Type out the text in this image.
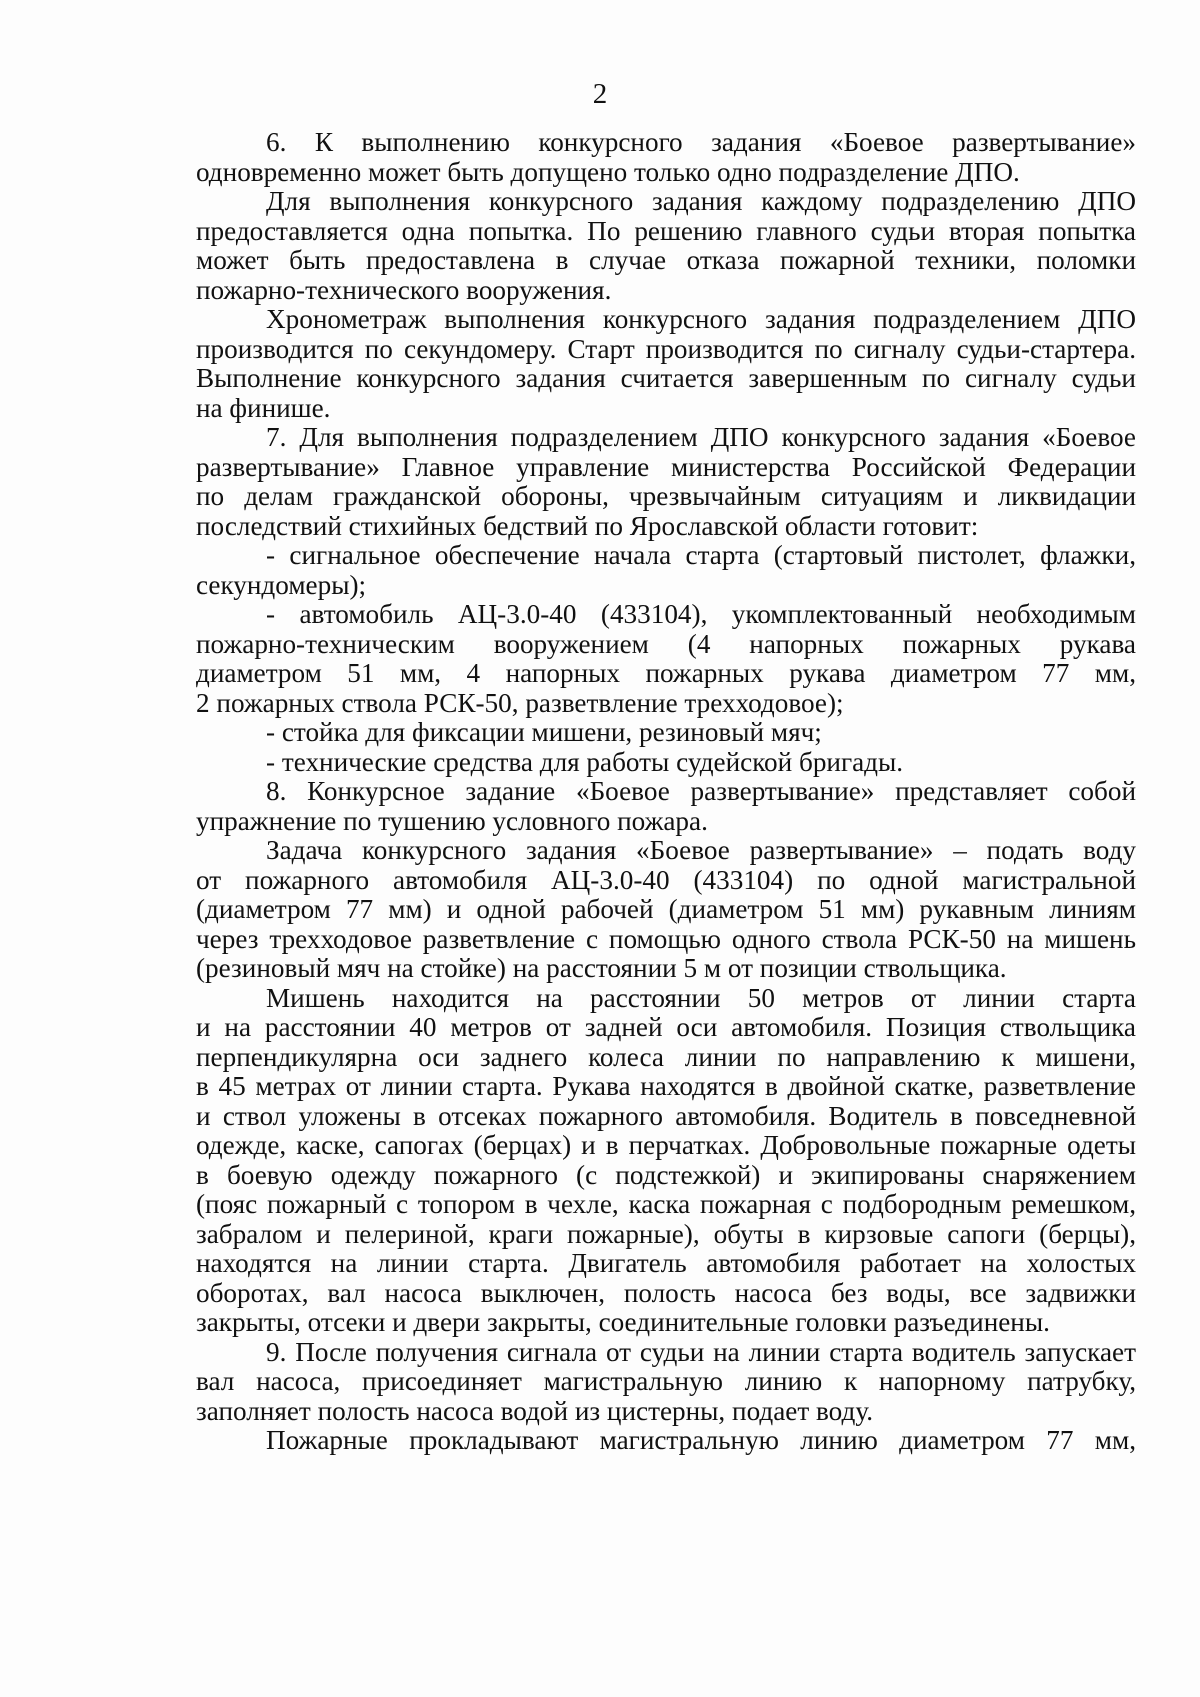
2

6. К выполнению конкурсного задания «Боевое развертывание»

одновременно может быть допущено только одно подразделение ДПО.

Для выполнения конкурсного задания каждому подразделению ДПО

предоставляется одна попытка. По решению главного судьи вторая попытка

может быть предоставлена в случае отказа пожарной техники, поломки

пожарно-технического вооружения.

Хронометраж выполнения конкурсного задания подразделением ДПО

производится по секундомеру. Старт производится по сигналу судьи-стартера.

Выполнение конкурсного задания считается завершенным по сигналу судьи

на финише.

7. Для выполнения подразделением ДПО конкурсного задания «Боевое

развертывание» Главное управление министерства Российской Федерации

по делам гражданской обороны, чрезвычайным ситуациям и ликвидации

последствий стихийных бедствий по Ярославской области готовит:

- сигнальное обеспечение начала старта (стартовый пистолет, флажки,

секундомеры);

- автомобиль АЦ-3.0-40 (433104), укомплектованный необходимым

пожарно-техническим вооружением (4 напорных пожарных рукава

диаметром 51 мм, 4 напорных пожарных рукава диаметром 77 мм,

2 пожарных ствола РСК-50, разветвление трехходовое);

- стойка для фиксации мишени, резиновый мяч;

- технические средства для работы судейской бригады.

8. Конкурсное задание «Боевое развертывание» представляет собой

упражнение по тушению условного пожара.

Задача конкурсного задания «Боевое развертывание» – подать воду

от пожарного автомобиля АЦ-3.0-40 (433104) по одной магистральной

(диаметром 77 мм) и одной рабочей (диаметром 51 мм) рукавным линиям

через трехходовое разветвление с помощью одного ствола РСК-50 на мишень

(резиновый мяч на стойке) на расстоянии 5 м от позиции ствольщика.

Мишень находится на расстоянии 50 метров от линии старта

и на расстоянии 40 метров от задней оси автомобиля. Позиция ствольщика

перпендикулярна оси заднего колеса линии по направлению к мишени,

в 45 метрах от линии старта. Рукава находятся в двойной скатке, разветвление

и ствол уложены в отсеках пожарного автомобиля. Водитель в повседневной

одежде, каске, сапогах (берцах) и в перчатках. Добровольные пожарные одеты

в боевую одежду пожарного (с подстежкой) и экипированы снаряжением

(пояс пожарный с топором в чехле, каска пожарная с подбородным ремешком,

забралом и пелериной, краги пожарные), обуты в кирзовые сапоги (берцы),

находятся на линии старта. Двигатель автомобиля работает на холостых

оборотах, вал насоса выключен, полость насоса без воды, все задвижки

закрыты, отсеки и двери закрыты, соединительные головки разъединены.

9. После получения сигнала от судьи на линии старта водитель запускает

вал насоса, присоединяет магистральную линию к напорному патрубку,

заполняет полость насоса водой из цистерны, подает воду.

Пожарные прокладывают магистральную линию диаметром 77 мм,
